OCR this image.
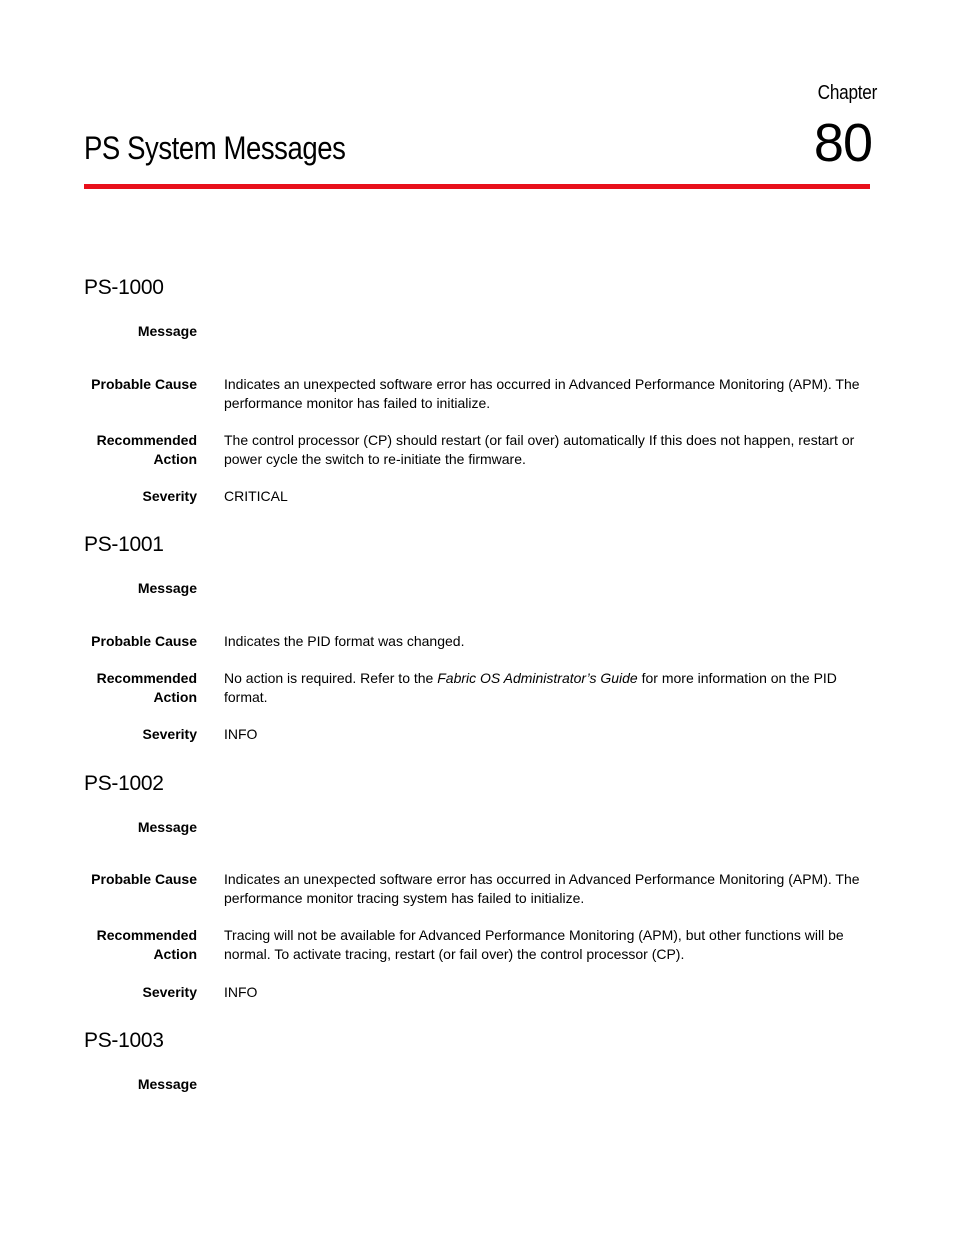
Chapter
80
PS System Messages
PS-1000
Message
Probable Cause Indicates an unexpected software error has occurred in Advanced Performance Monitoring (APM). The performance monitor has failed to initialize.
Recommended
Action
The control processor (CP) should restart (or fail over) automatically If this does not happen, restart or power cycle the switch to re-initiate the firmware.
Severity CRITICAL
PS-1001
Message
Probable Cause Indicates the PID format was changed.
Recommended
Action
No action is required. Refer to the Fabric OS Administrator’s Guide for more information on the PID format.
Severity INFO
PS-1002
Message
Probable Cause Indicates an unexpected software error has occurred in Advanced Performance Monitoring (APM). The performance monitor tracing system has failed to initialize.
Recommended
Action
Tracing will not be available for Advanced Performance Monitoring (APM), but other functions will be normal. To activate tracing, restart (or fail over) the control processor (CP).
Severity INFO
PS-1003
Message
